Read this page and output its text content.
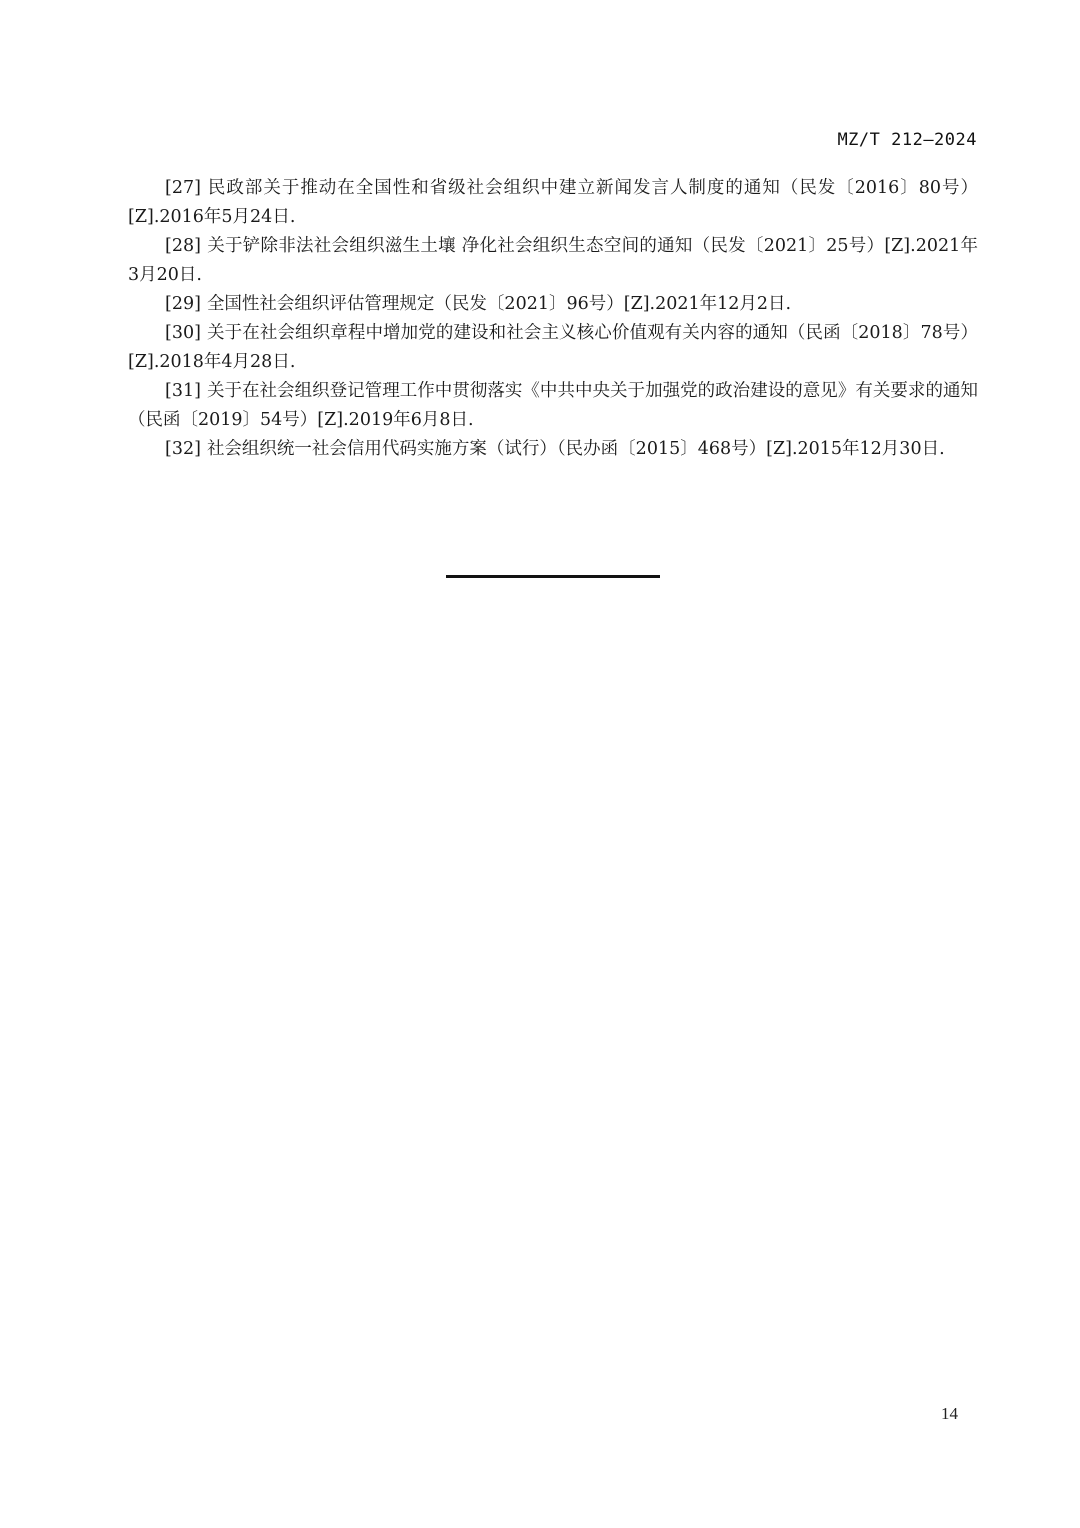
MZ/T 212—2024

[27] 民政部关于推动在全国性和省级社会组织中建立新闻发言人制度的通知（民发〔2016〕80号）[Z].2016年5月24日.

[28] 关于铲除非法社会组织滋生土壤 净化社会组织生态空间的通知（民发〔2021〕25号）[Z].2021年3月20日.

[29] 全国性社会组织评估管理规定（民发〔2021〕96号）[Z].2021年12月2日.

[30] 关于在社会组织章程中增加党的建设和社会主义核心价值观有关内容的通知（民函〔2018〕78号）[Z].2018年4月28日.

[31] 关于在社会组织登记管理工作中贯彻落实《中共中央关于加强党的政治建设的意见》有关要求的通知（民函〔2019〕54号）[Z].2019年6月8日.

[32] 社会组织统一社会信用代码实施方案（试行）（民办函〔2015〕468号）[Z].2015年12月30日.

14
